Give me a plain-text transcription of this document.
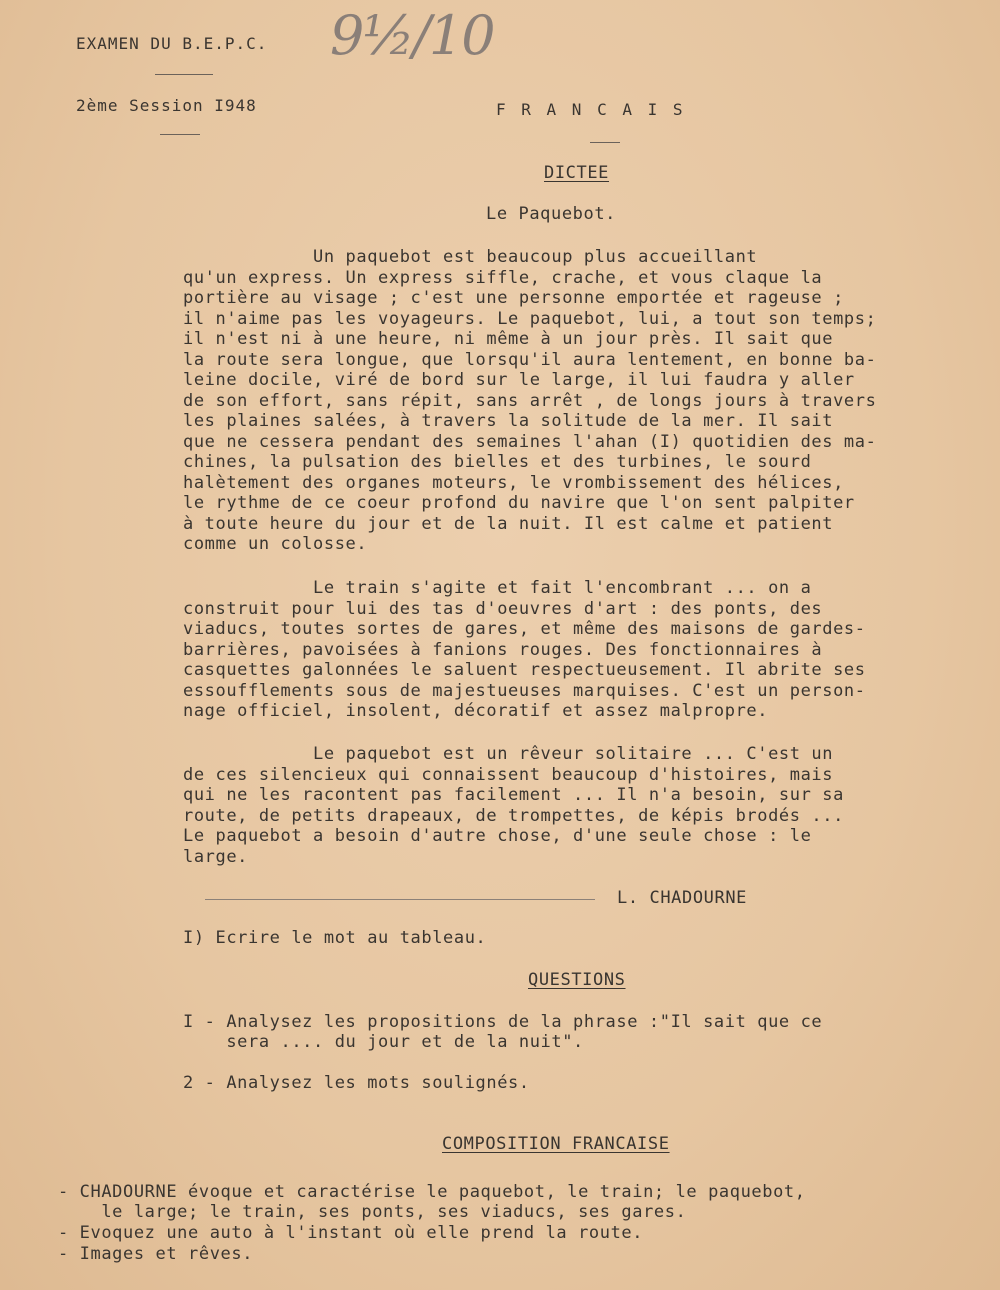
EXAMEN DU B.E.P.C.
2ème Session I948
9½/10
F R A N C A I S
DICTEE
Le Paquebot.
Un paquebot est beaucoup plus accueillant
qu'un express. Un express siffle, crache, et vous claque la
portière au visage ; c'est une personne emportée et rageuse ;
il n'aime pas les voyageurs. Le paquebot, lui, a tout son temps;
il n'est ni à une heure, ni même à un jour près. Il sait que
la route sera longue, que lorsqu'il aura lentement, en bonne ba-
leine docile, viré de bord sur le large, il lui faudra y aller
de son effort, sans répit, sans arrêt , de longs jours à travers
les plaines salées, à travers la solitude de la mer. Il sait
que ne cessera pendant des semaines l'ahan (I) quotidien des ma-
chines, la pulsation des bielles et des turbines, le sourd
halètement des organes moteurs, le vrombissement des hélices,
le rythme de ce coeur profond du navire que l'on sent palpiter
à toute heure du jour et de la nuit. Il est calme et patient
comme un colosse.
Le train s'agite et fait l'encombrant ... on a
construit pour lui des tas d'oeuvres d'art : des ponts, des
viaducs, toutes sortes de gares, et même des maisons de gardes-
barrières, pavoisées à fanions rouges. Des fonctionnaires à
casquettes galonnées le saluent respectueusement. Il abrite ses
essoufflements sous de majestueuses marquises. C'est un person-
nage officiel, insolent, décoratif et assez malpropre.
Le paquebot est un rêveur solitaire ... C'est un
de ces silencieux qui connaissent beaucoup d'histoires, mais
qui ne les racontent pas facilement ... Il n'a besoin, sur sa
route, de petits drapeaux, de trompettes, de képis brodés ...
Le paquebot a besoin d'autre chose, d'une seule chose : le
large.
L. CHADOURNE
I) Ecrire le mot au tableau.
QUESTIONS
I - Analysez les propositions de la phrase :"Il sait que ce
sera .... du jour et de la nuit".
2 - Analysez les mots soulignés.
COMPOSITION FRANCAISE
- CHADOURNE évoque et caractérise le paquebot, le train; le paquebot,
le large; le train, ses ponts, ses viaducs, ses gares.
- Evoquez une auto à l'instant où elle prend la route.
- Images et rêves.
